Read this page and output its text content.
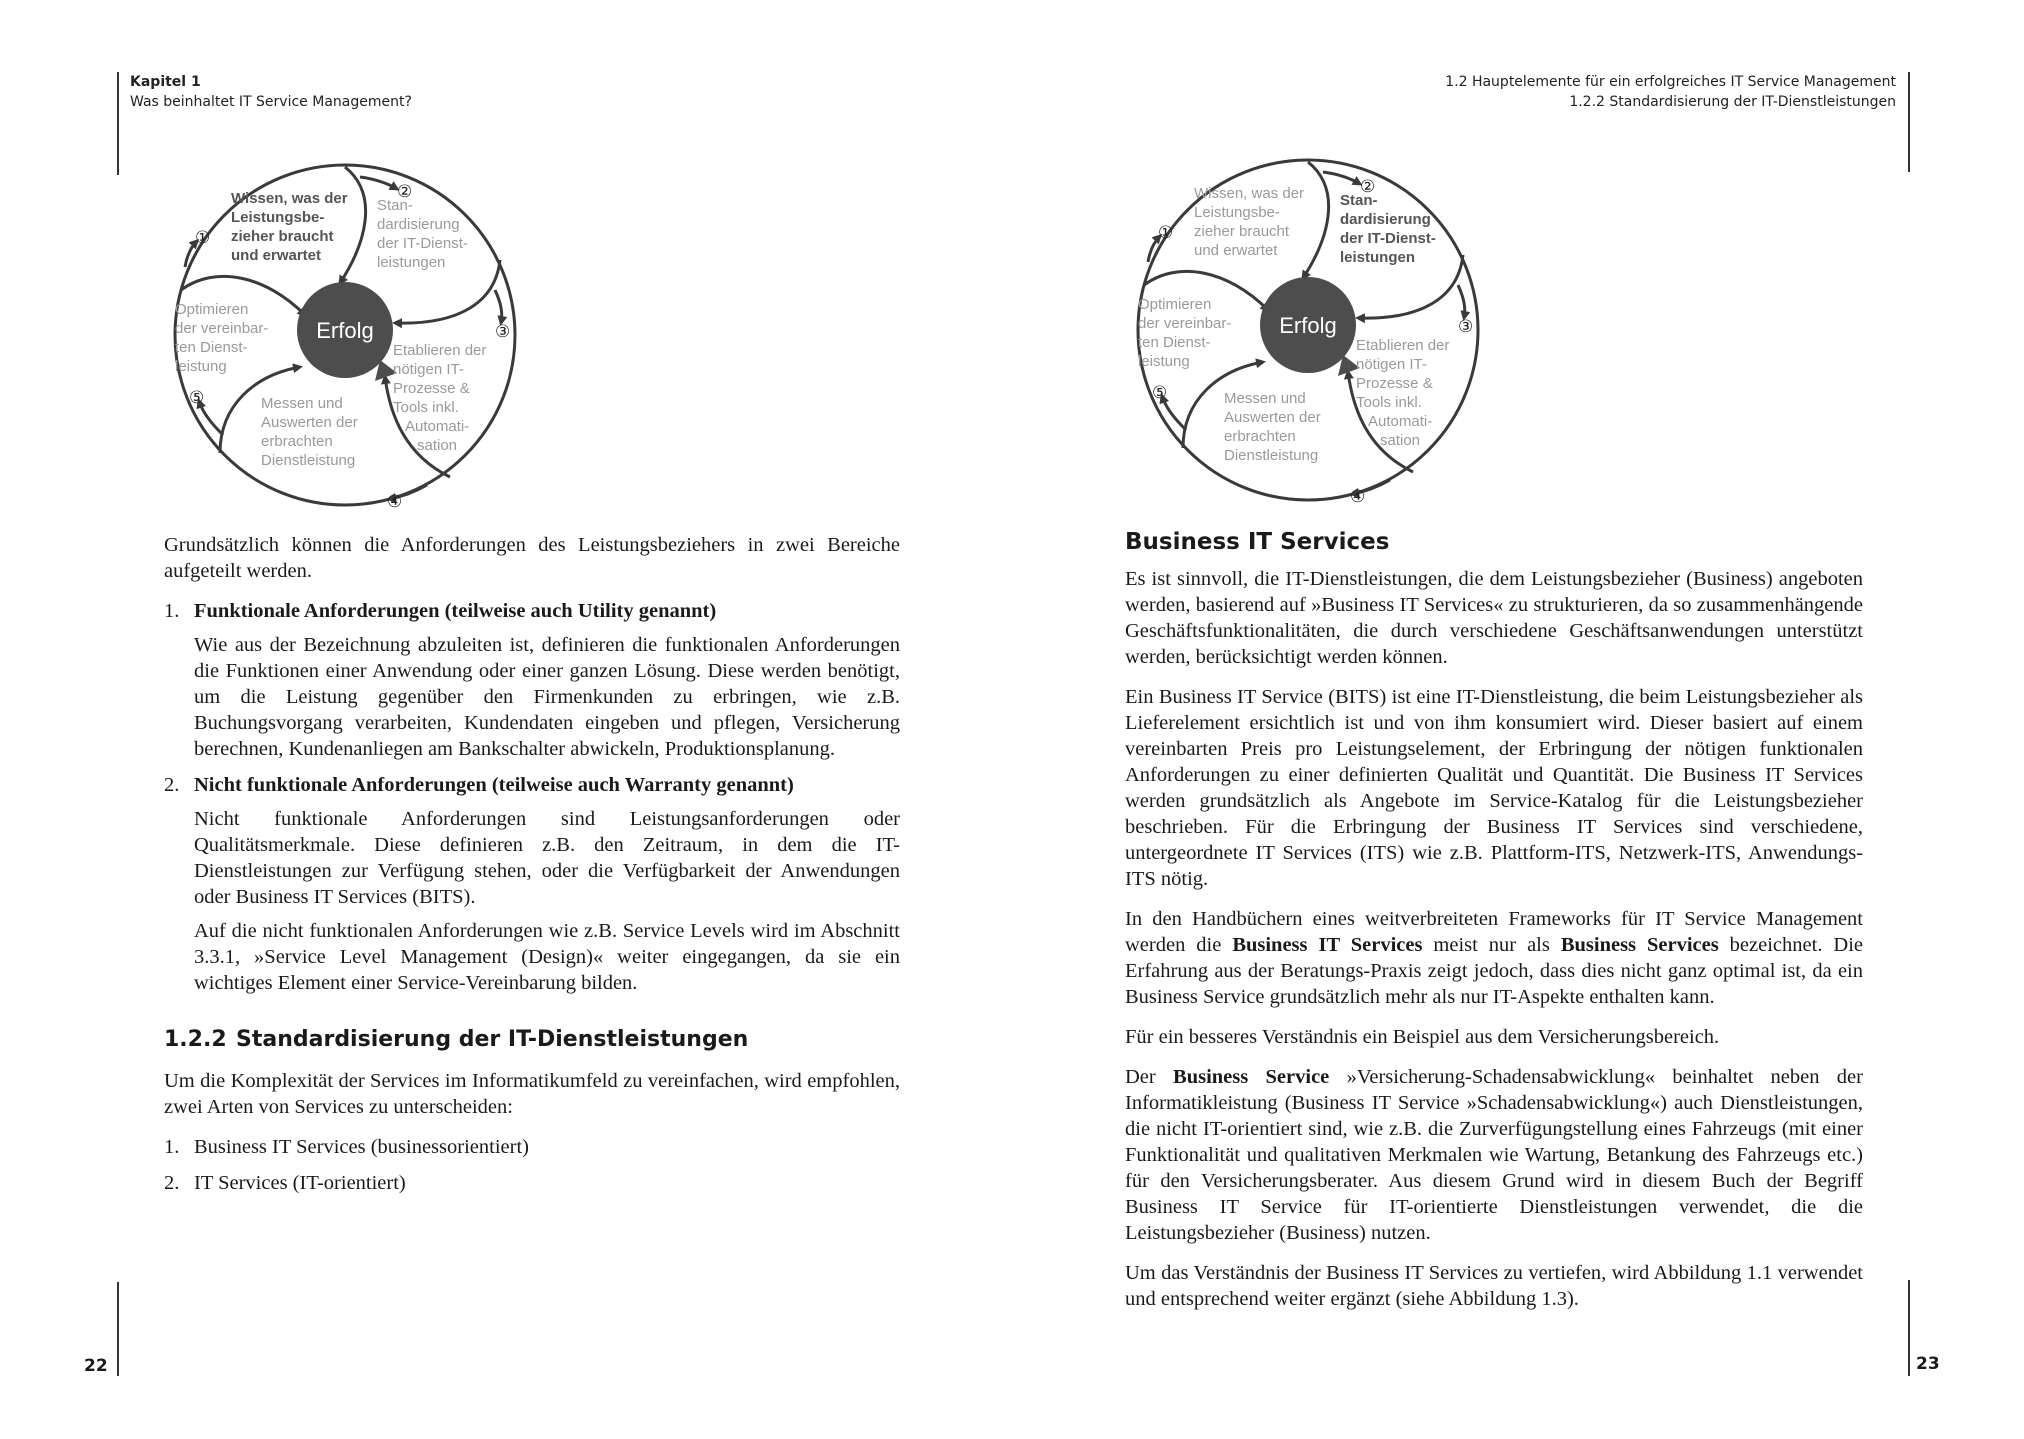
Kapitel 1
Was beinhaltet IT Service Management?
Erfolg
①
②
③
④
⑤
Wissen, was der
Leistungsbe-
zieher braucht
und erwartet
Stan-
dardisierung
der IT-Dienst-
leistungen
Etablieren der
nötigen IT-
Prozesse &
Tools inkl.
Automati-
sation
Messen und
Auswerten der
erbrachten
Dienstleistung
Optimieren
der vereinbar-
ten Dienst-
leistung

Grundsätzlich können die Anforderungen des Leistungsbeziehers in zwei Bereiche aufgeteilt werden.

1. Funktionale Anforderungen (teilweise auch Utility genannt)

Wie aus der Bezeichnung abzuleiten ist, definieren die funktionalen Anforderungen die Funktionen einer Anwendung oder einer ganzen Lösung. Diese werden benötigt, um die Leistung gegenüber den Firmenkunden zu erbringen, wie z.B. Buchungsvorgang verarbeiten, Kundendaten eingeben und pflegen, Versicherung berechnen, Kundenanliegen am Bankschalter abwickeln, Produktionsplanung.

2. Nicht funktionale Anforderungen (teilweise auch Warranty genannt)

Nicht funktionale Anforderungen sind Leistungsanforderungen oder Qualitätsmerkmale. Diese definieren z.B. den Zeitraum, in dem die IT-Dienstleistungen zur Verfügung stehen, oder die Verfügbarkeit der Anwendungen oder Business IT Services (BITS).

Auf die nicht funktionalen Anforderungen wie z.B. Service Levels wird im Abschnitt 3.3.1, »Service Level Management (Design)« weiter eingegangen, da sie ein wichtiges Element einer Service-Vereinbarung bilden.

1.2.2 Standardisierung der IT-Dienstleistungen

Um die Komplexität der Services im Informatikumfeld zu vereinfachen, wird empfohlen, zwei Arten von Services zu unterscheiden:

1. Business IT Services (businessorientiert)
2. IT Services (IT-orientiert)
22
1.2 Hauptelemente für ein erfolgreiches IT Service Management
1.2.2 Standardisierung der IT-Dienstleistungen
Erfolg
①
②
③
④
⑤
Wissen, was der
Leistungsbe-
zieher braucht
und erwartet
Stan-
dardisierung
der IT-Dienst-
leistungen
Etablieren der
nötigen IT-
Prozesse &
Tools inkl.
Automati-
sation
Messen und
Auswerten der
erbrachten
Dienstleistung
Optimieren
der vereinbar-
ten Dienst-
leistung
Business IT Services

Es ist sinnvoll, die IT-Dienstleistungen, die dem Leistungsbezieher (Business) angeboten werden, basierend auf »Business IT Services« zu strukturieren, da so zusammenhängende Geschäftsfunktionalitäten, die durch verschiedene Geschäftsanwendungen unterstützt werden, berücksichtigt werden können.

Ein Business IT Service (BITS) ist eine IT-Dienstleistung, die beim Leistungsbezieher als Lieferelement ersichtlich ist und von ihm konsumiert wird. Dieser basiert auf einem vereinbarten Preis pro Leistungselement, der Erbringung der nötigen funktionalen Anforderungen zu einer definierten Qualität und Quantität. Die Business IT Services werden grundsätzlich als Angebote im Service-Katalog für die Leistungsbezieher beschrieben. Für die Erbringung der Business IT Services sind verschiedene, untergeordnete IT Services (ITS) wie z.B. Plattform-ITS, Netzwerk-ITS, Anwendungs-ITS nötig.

In den Handbüchern eines weitverbreiteten Frameworks für IT Service Management werden die Business IT Services meist nur als Business Services bezeichnet. Die Erfahrung aus der Beratungs-Praxis zeigt jedoch, dass dies nicht ganz optimal ist, da ein Business Service grundsätzlich mehr als nur IT-Aspekte enthalten kann.

Für ein besseres Verständnis ein Beispiel aus dem Versicherungsbereich.

Der Business Service »Versicherung-Schadensabwicklung« beinhaltet neben der Informatikleistung (Business IT Service »Schadensabwicklung«) auch Dienstleistungen, die nicht IT-orientiert sind, wie z.B. die Zurverfügungstellung eines Fahrzeugs (mit einer Funktionalität und qualitativen Merkmalen wie Wartung, Betankung des Fahrzeugs etc.) für den Versicherungsberater. Aus diesem Grund wird in diesem Buch der Begriff Business IT Service für IT-orientierte Dienstleistungen verwendet, die die Leistungsbezieher (Business) nutzen.

Um das Verständnis der Business IT Services zu vertiefen, wird Abbildung 1.1 verwendet und entsprechend weiter ergänzt (siehe Abbildung 1.3).

23
